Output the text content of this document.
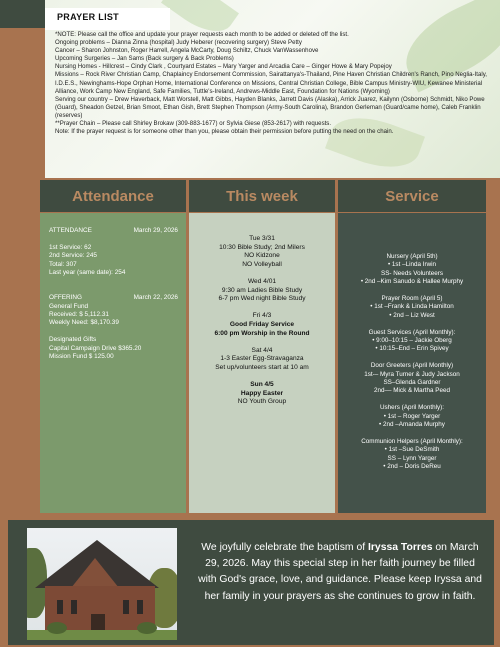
PRAYER LIST

*NOTE: Please call the office and update your prayer requests each month to be added or deleted off the list.

Ongoing problems – Dianna Zinna (hospital) Judy Heberer (recovering surgery) Steve Petty

Cancer – Sharon Johnston, Roger Harrell, Angela McCarty, Doug Schiltz, Chuck VanWassenhove

Upcoming Surgeries – Jan Sams (Back surgery & Back Problems)

Nursing Homes - Hillcrest – Cindy Clark , Courtyard Estates – Mary Yarger and Arcadia Care – Ginger Howe & Mary Popejoy

Missions – Rock River Christian Camp, Chaplaincy Endorsement Commission, Sairattanya's-Thailand, Pine Haven Christian Children's Ranch, Pino Neglia-Italy, I.D.E.S., Newinghams-Hope Orphan Home, International Conference on Missions, Central Christian College, Bible Campus Ministry-WIU, Kewanee Ministerial Alliance, Work Camp New England, Safe Families, Tuttle's-Ireland, Andrews-Middle East, Foundation for Nations (Wyoming)

Serving our country – Drew Haverback, Matt Worstell, Matt Gibbs, Hayden Blanks, Jarrett Davis (Alaska), Arrick Juarez, Kailynn (Osborne) Schmidt, Niko Powe (Guard), Sheadon Getzel, Brian Smoot, Ethan Gish, Brett Stephen Thompson (Army-South Carolina), Brandon Gerleman (Guard/came home), Caleb Franklin (reserves)

**Prayer Chain – Please call Shirley Brokaw (309-883-1677) or Sylvia Giese (853-2617) with requests.

Note: If the prayer request is for someone other than you, please obtain their permission before putting the need on the chain.

Attendance	This week	Service
ATTENDANCE	March 29, 2026
1st Service: 62
2nd Service: 245
Total: 307
Last year (same date): 254
OFFERING	March 22, 2026
General Fund
Received: $ 5,112.31
Weekly Need: $8,170.39
Designated Gifts
Capital Campaign Drive $365.20
Mission Fund $ 125.00
Tue 3/31
10:30 Bible Study; 2nd Milers
NO Kidzone
NO Volleyball
Wed 4/01
9:30 am Ladies Bible Study
6-7 pm Wed night Bible Study
Fri 4/3
Good Friday Service
6:00 pm Worship in the Round
Sat 4/4
1-3 Easter Egg-Stravaganza
Set up/volunteers start at 10 am
Sun 4/5
Happy Easter
NO Youth Group
Nursery (April 5th)
• 1st –Linda Irwin
SS- Needs Volunteers
• 2nd –Kim Sanudo & Hallee Murphy
Prayer Room (April 5)
• 1st –Frank & Linda Hamilton
• 2nd – Liz West
Guest Services (April Monthly):
• 9:00–10:15 – Jackie Oberg
• 10:15–End – Erin Spivey
Door Greeters (April Monthly)
1st-– Myra Turner & Judy Jackson
SS–Glenda Gardner
2nd–– Mick & Martha Peed
Ushers (April Monthly):
• 1st – Roger Yarger
• 2nd –Amanda Murphy
Communion Helpers (April Monthly):
• 1st –Sue DeSmith
SS – Lynn Yarger
• 2nd – Doris DeReu
We joyfully celebrate the baptism of Iryssa Torres on March 29, 2026. May this special step in her faith journey be filled with God's grace, love, and guidance. Please keep Iryssa and her family in your prayers as she continues to grow in faith.
